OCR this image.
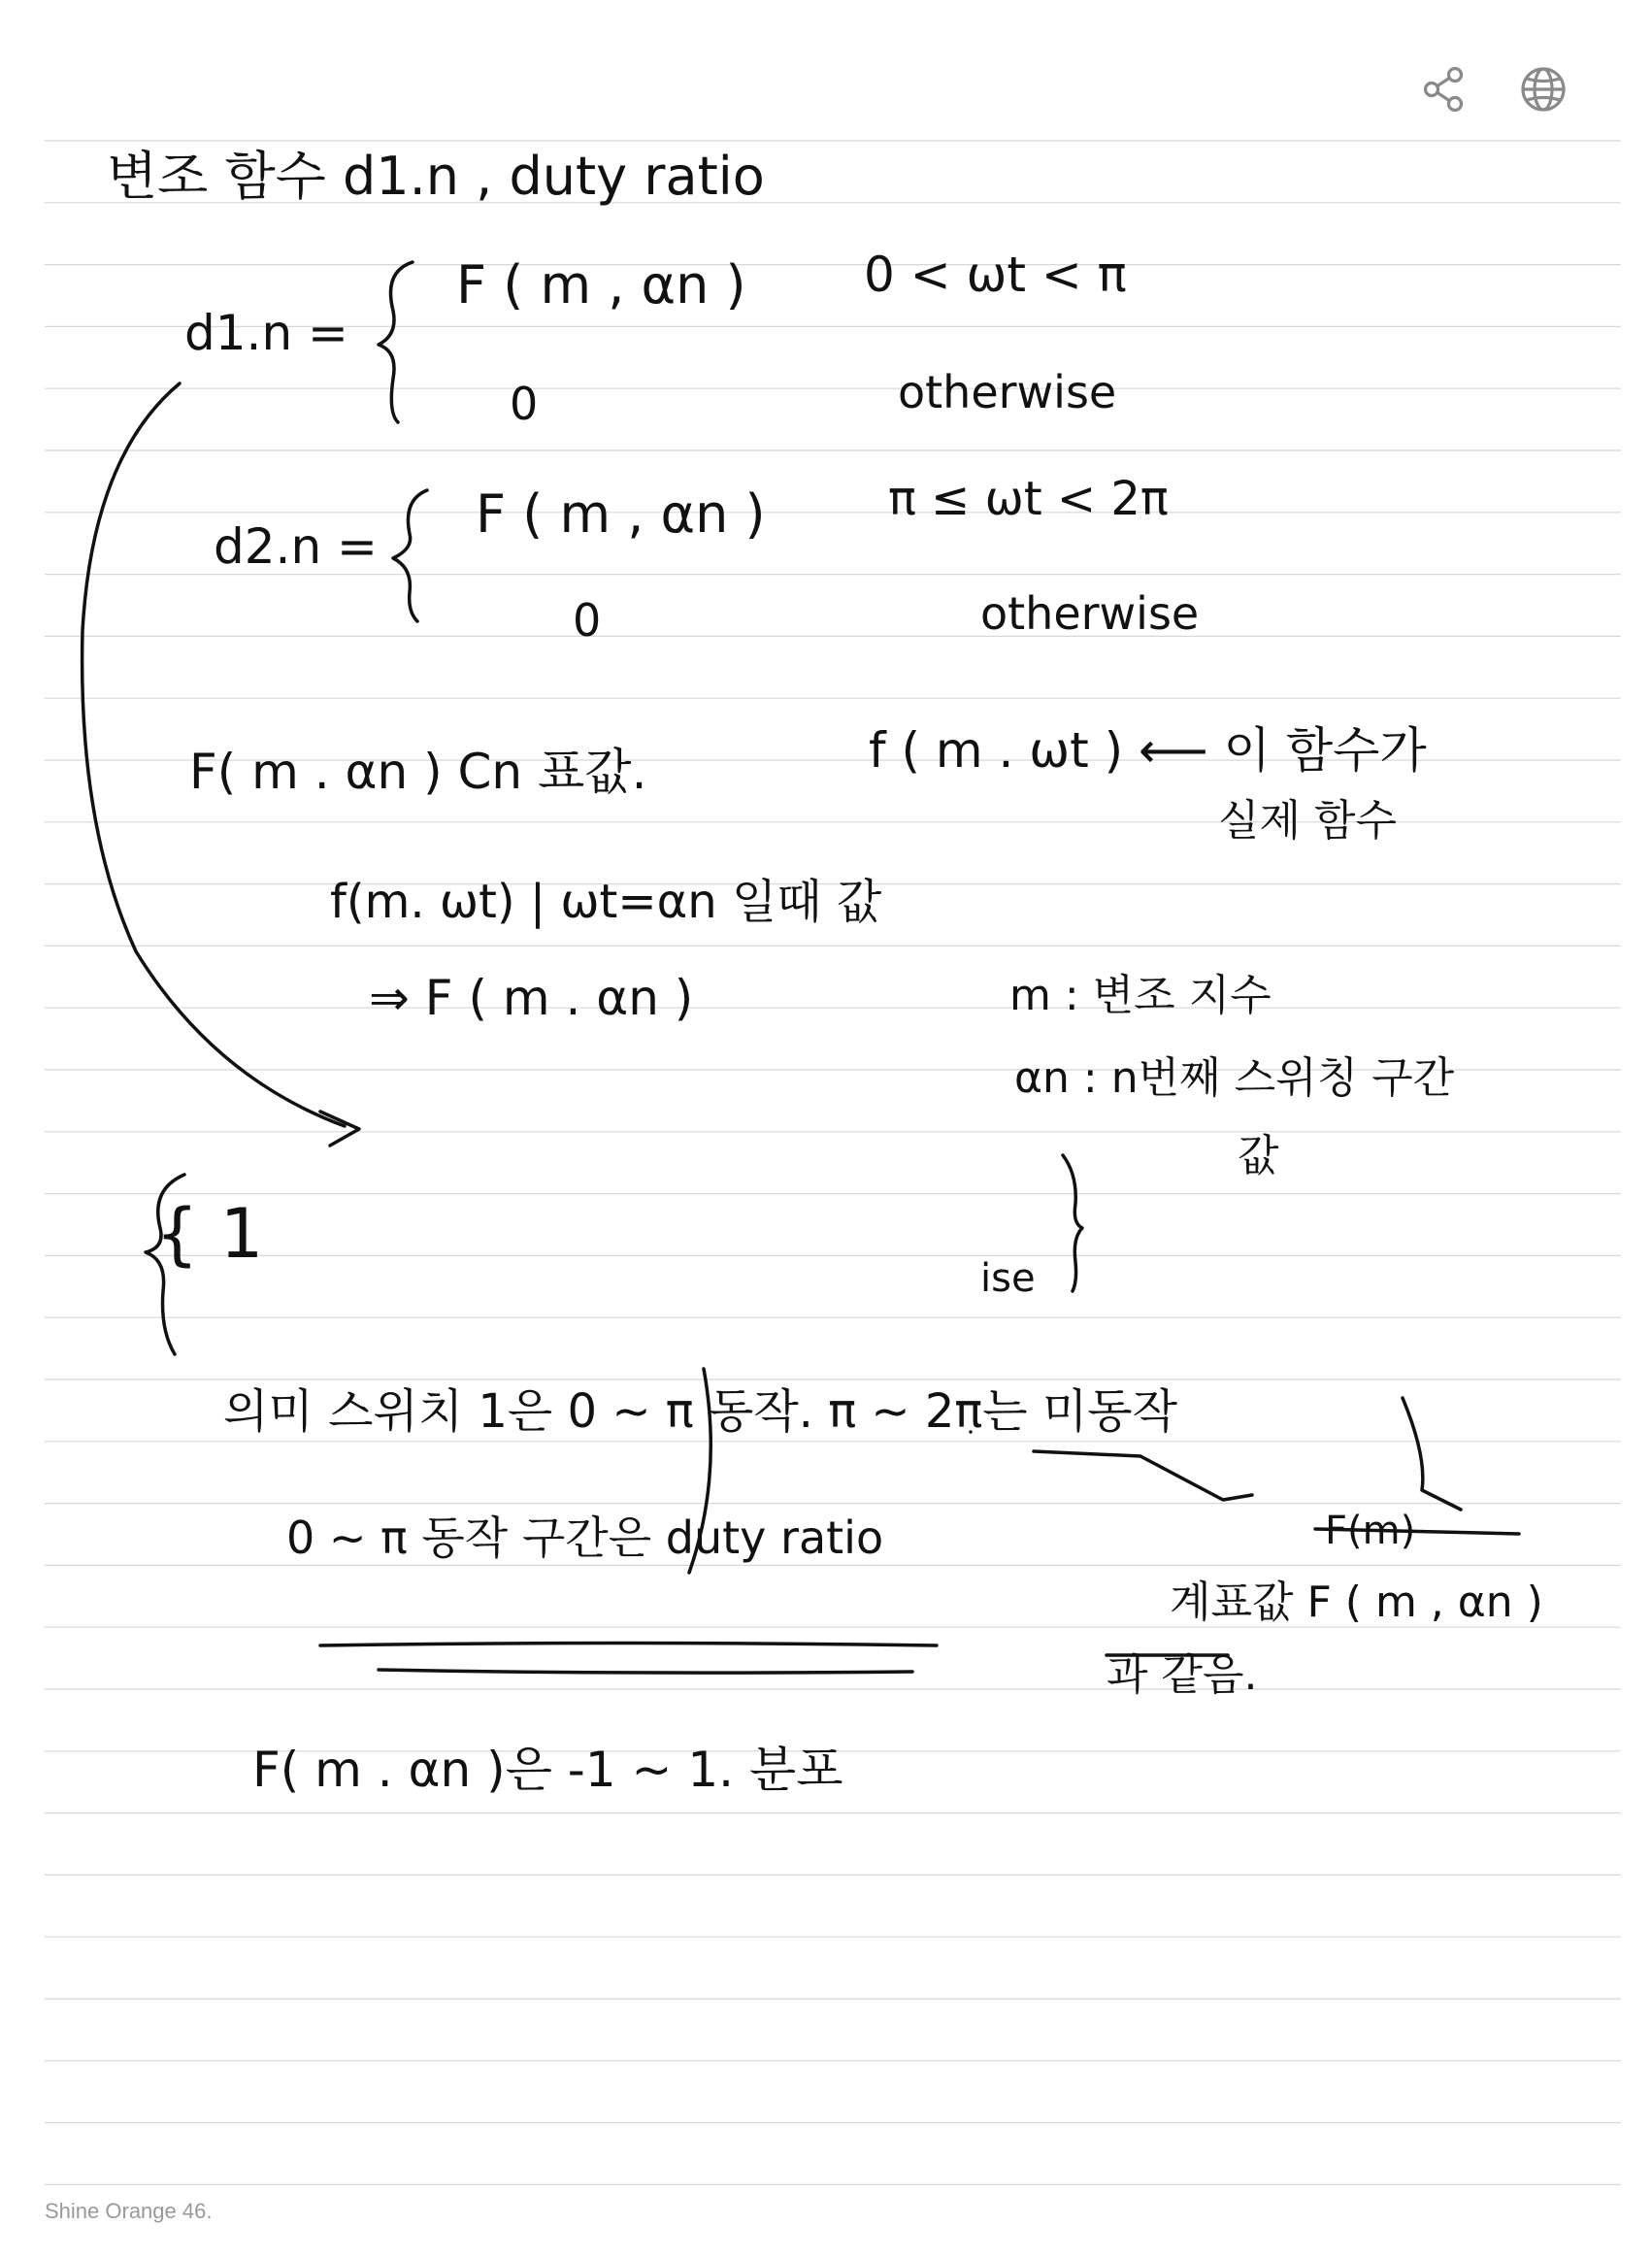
변조 함수 d1.n , duty ratio
d1.n =
F ( m , αn ) 0 < ωt < π
0	otherwise
d2.n =
F ( m , αn )	π ≤ ωt < 2π
0	otherwise
F( m . αn ) Cn 표값.	f ( m . ωt ) ⟵ 이 함수가
실제 함수
f(m. ωt) | ωt=αn 일때 값
⇒ F ( m . αn )	m : 변조 지수
αn : n번째 스위칭 구간
값
{ 1
ise
의미 스위치 1은 0 ~ π 동작. π ~ 2π는 미동작
0 ~ π 동작 구간은 duty ratio	F(m)
계표값 F ( m , αn )
과 같음.
F( m . αn )은 -1 ~ 1. 분포
Shine Orange 46.
